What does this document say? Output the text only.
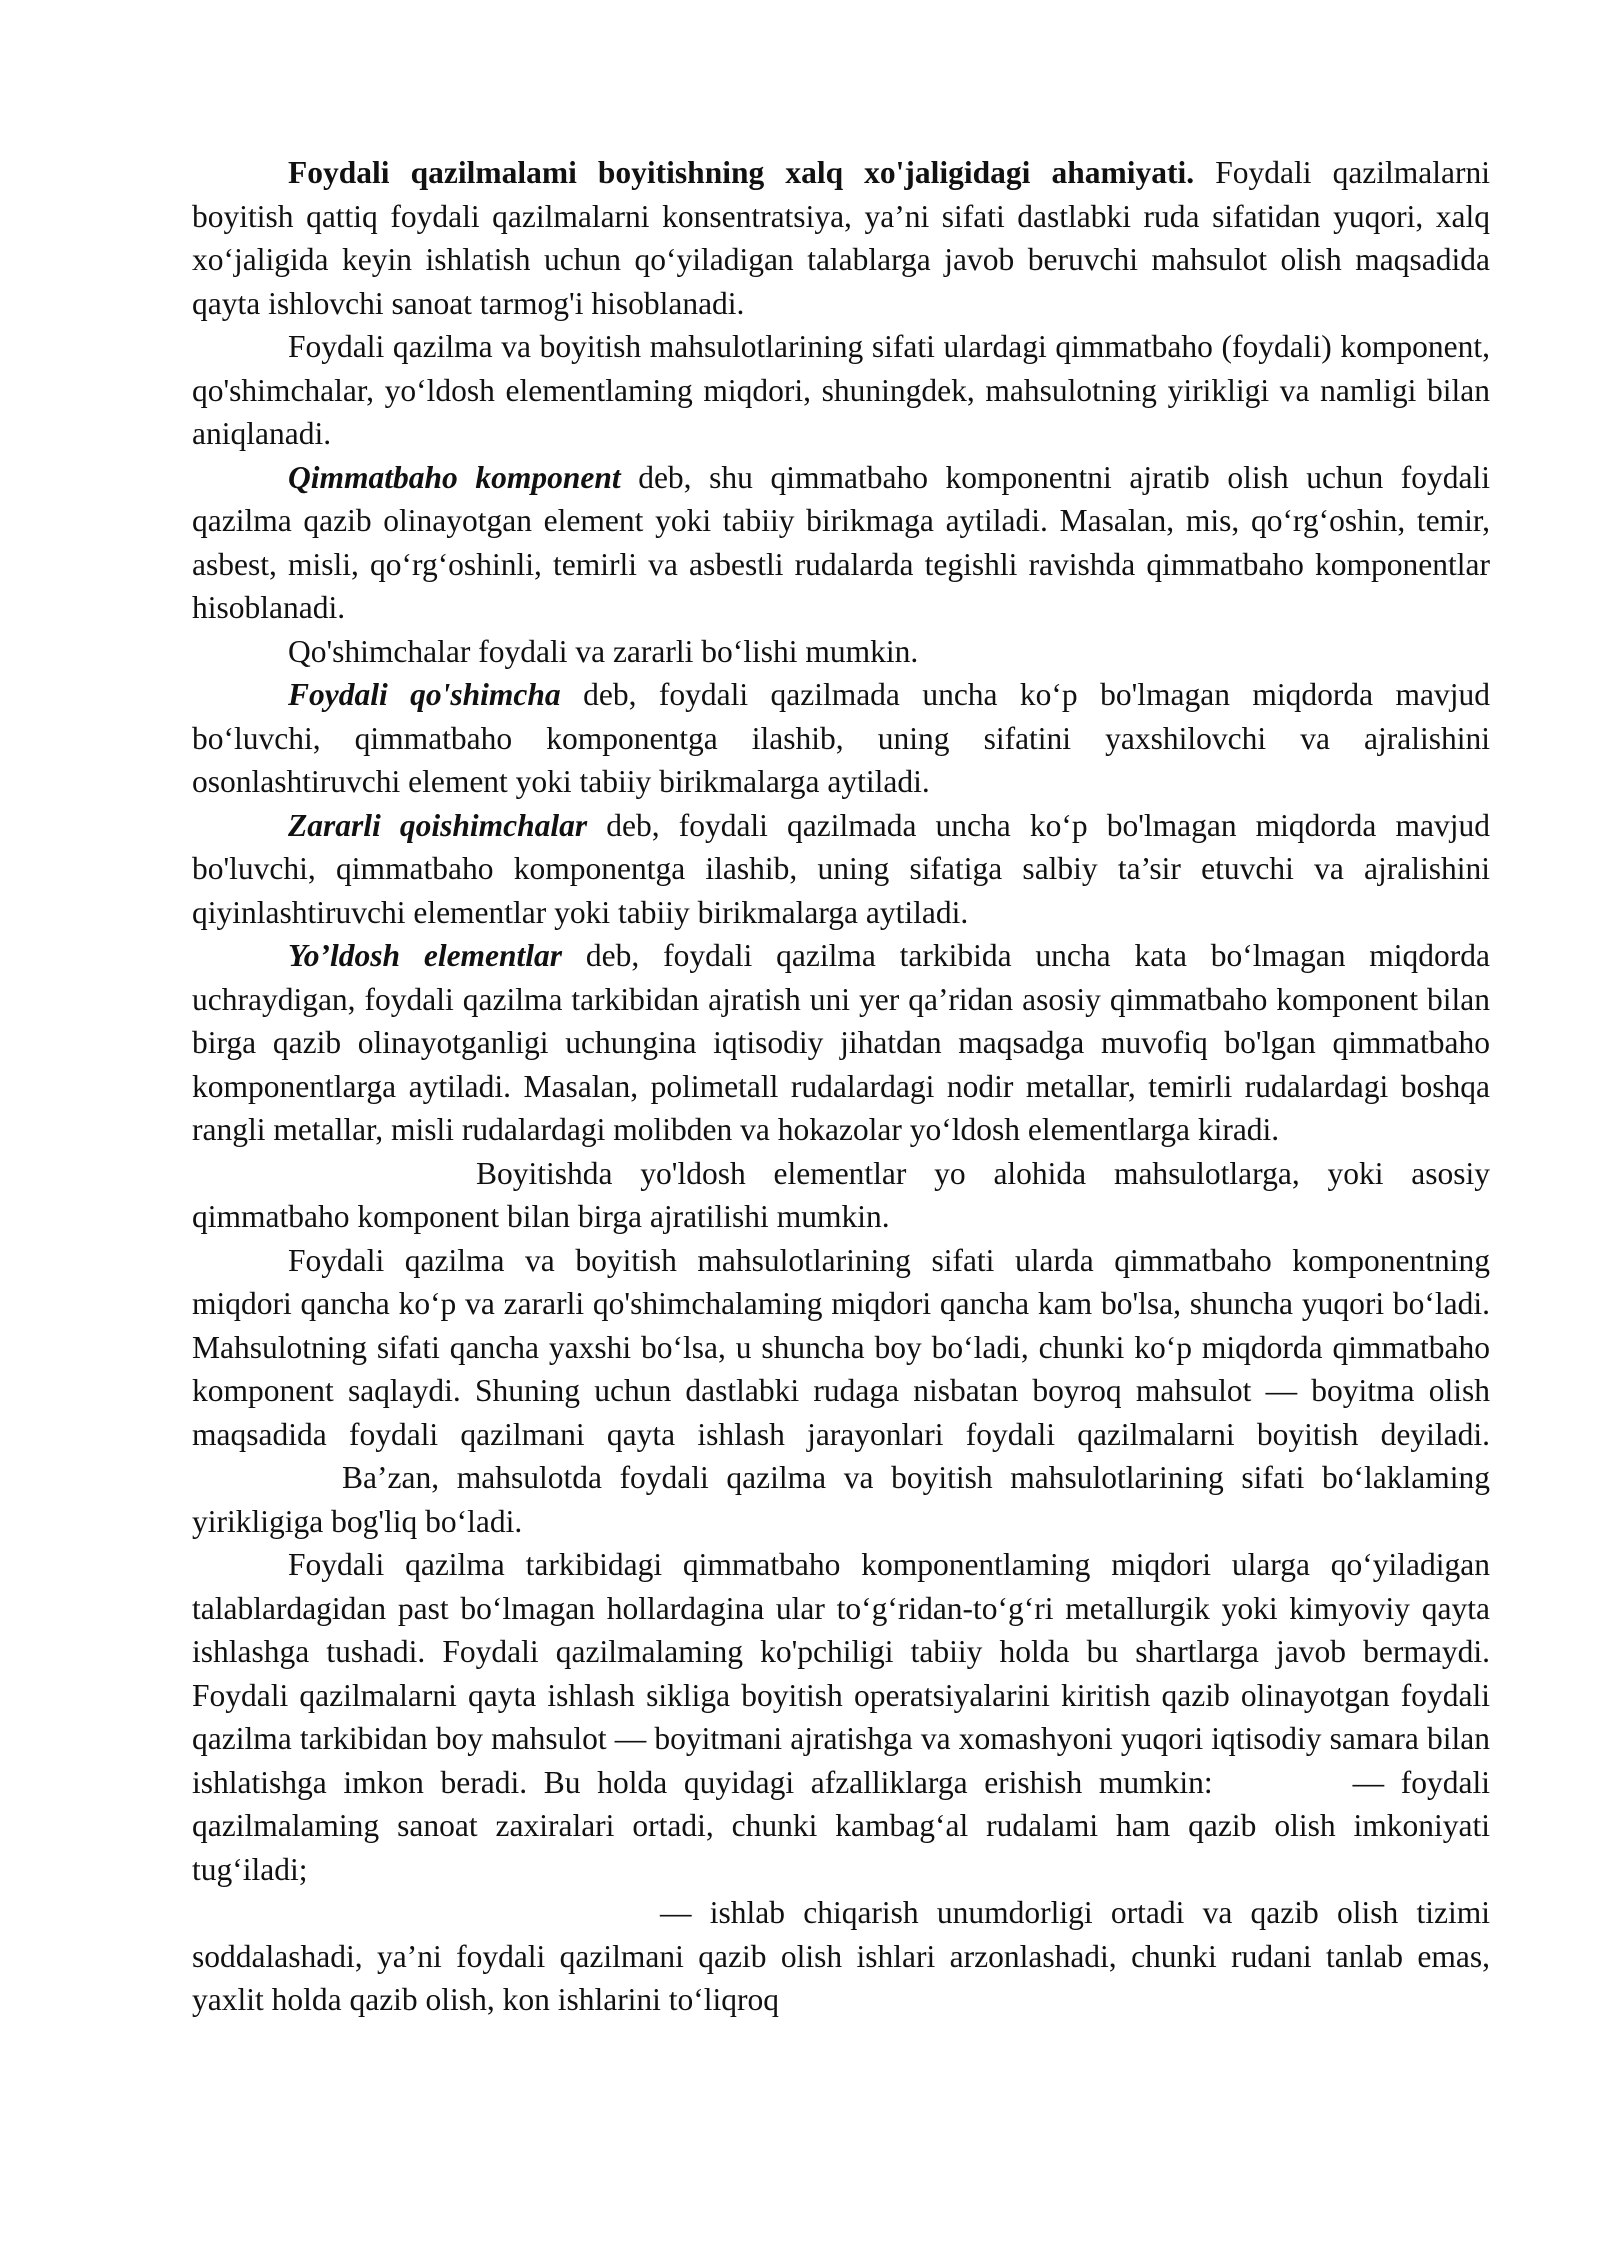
Foydali qazilmalami boyitishning xalq xo'jaligidagi ahamiyati. Foydali qazilmalarni boyitish qattiq foydali qazilmalarni konsentratsiya, ya’ni sifati dastlabki ruda sifatidan yuqori, xalq xo‘jaligida keyin ishlatish uchun qo‘yiladigan talablarga javob beruvchi mahsulot olish maqsadida qayta ishlovchi sanoat tarmog'i hisoblanadi.

Foydali qazilma va boyitish mahsulotlarining sifati ulardagi qimmatbaho (foydali) komponent, qo'shimchalar, yo‘ldosh elementlaming miqdori, shuningdek, mahsulotning yirikligi va namligi bilan aniqlanadi.

Qimmatbaho komponent deb, shu qimmatbaho komponentni ajratib olish uchun foydali qazilma qazib olinayotgan element yoki tabiiy birikmaga aytiladi. Masalan, mis, qo‘rg‘oshin, temir, asbest, misli, qo‘rg‘oshinli, temirli va asbestli rudalarda tegishli ravishda qimmatbaho komponentlar hisoblanadi.

Qo'shimchalar foydali va zararli bo‘lishi mumkin.

Foydali qo'shimcha deb, foydali qazilmada uncha ko‘p bo'lmagan miqdorda mavjud bo‘luvchi, qimmatbaho komponentga ilashib, uning sifatini yaxshilovchi va ajralishini osonlashtiruvchi element yoki tabiiy birikmalarga aytiladi.

Zararli qoishimchalar deb, foydali qazilmada uncha ko‘p bo'lmagan miqdorda mavjud bo'luvchi, qimmatbaho komponentga ilashib, uning sifatiga salbiy ta’sir etuvchi va ajralishini qiyinlashtiruvchi elementlar yoki tabiiy birikmalarga aytiladi.

Yo’ldosh elementlar deb, foydali qazilma tarkibida uncha kata bo‘lmagan miqdorda uchraydigan, foydali qazilma tarkibidan ajratish uni yer qa’ridan asosiy qimmatbaho komponent bilan birga qazib olinayotganligi uchungina iqtisodiy jihatdan maqsadga muvofiq bo'lgan qimmatbaho komponentlarga aytiladi. Masalan, polimetall rudalardagi nodir metallar, temirli rudalardagi boshqa rangli metallar, misli rudalardagi molibden va hokazolar yo‘ldosh elementlarga kiradi.

Boyitishda yo'ldosh elementlar yo alohida mahsulotlarga, yoki asosiy qimmatbaho komponent bilan birga ajratilishi mumkin.

Foydali qazilma va boyitish mahsulotlarining sifati ularda qimmatbaho komponentning miqdori qancha ko‘p va zararli qo'shimchalaming miqdori qancha kam bo'lsa, shuncha yuqori bo‘ladi. Mahsulotning sifati qancha yaxshi bo‘lsa, u shuncha boy bo‘ladi, chunki ko‘p miqdorda qimmatbaho komponent saqlaydi. Shuning uchun dastlabki rudaga nisbatan boyroq mahsulot — boyitma olish maqsadida foydali qazilmani qayta ishlash jarayonlari foydali qazilmalarni boyitish deyiladi.Ba’zan, mahsulotda foydali qazilma va boyitish mahsulotlarining sifati bo‘laklaming yirikligiga bog'liq bo‘ladi.

Foydali qazilma tarkibidagi qimmatbaho komponentlaming miqdori ularga qo‘yiladigan talablardagidan past bo‘lmagan hollardagina ular to‘g‘ridan-to‘g‘ri metallurgik yoki kimyoviy qayta ishlashga tushadi. Foydali qazilmalaming ko'pchiligi tabiiy holda bu shartlarga javob bermaydi. Foydali qazilmalarni qayta ishlash sikliga boyitish operatsiyalarini kiritish qazib olinayotgan foydali qazilma tarkibidan boy mahsulot — boyitmani ajratishga va xomashyoni yuqori iqtisodiy samara bilan ishlatishga imkon beradi. Bu holda quyidagi afzalliklarga erishish mumkin:	— foydali qazilmalaming sanoat zaxiralari ortadi, chunki kambag‘al rudalami ham qazib olish imkoniyati tug‘iladi;
— ishlab chiqarish unumdorligi ortadi va qazib olish tizimi soddalashadi, ya’ni foydali qazilmani qazib olish ishlari arzonlashadi, chunki rudani tanlab emas, yaxlit holda qazib olish, kon ishlarini to‘liqroq
